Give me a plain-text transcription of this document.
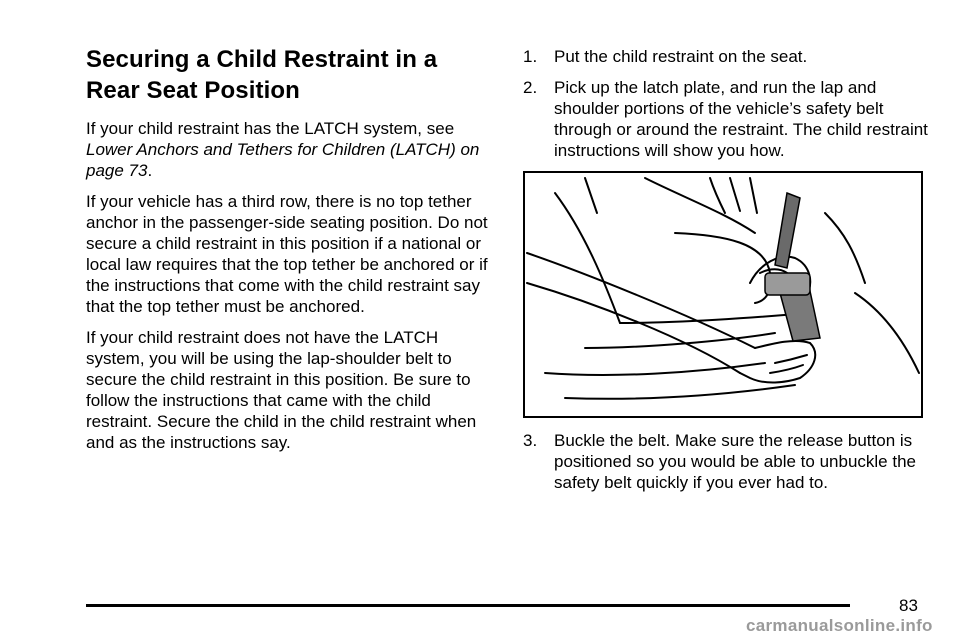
Securing a Child Restraint in a Rear Seat Position

If your child restraint has the LATCH system, see Lower Anchors and Tethers for Children (LATCH) on page 73.

If your vehicle has a third row, there is no top tether anchor in the passenger-side seating position. Do not secure a child restraint in this position if a national or local law requires that the top tether be anchored or if the instructions that come with the child restraint say that the top tether must be anchored.

If your child restraint does not have the LATCH system, you will be using the lap-shoulder belt to secure the child restraint in this position. Be sure to follow the instructions that came with the child restraint. Secure the child in the child restraint when and as the instructions say.

1. Put the child restraint on the seat.
2. Pick up the latch plate, and run the lap and shoulder portions of the vehicle’s safety belt through or around the restraint. The child restraint instructions will show you how.
3. Buckle the belt. Make sure the release button is positioned so you would be able to unbuckle the safety belt quickly if you ever had to.
83
carmanualsonline.info
